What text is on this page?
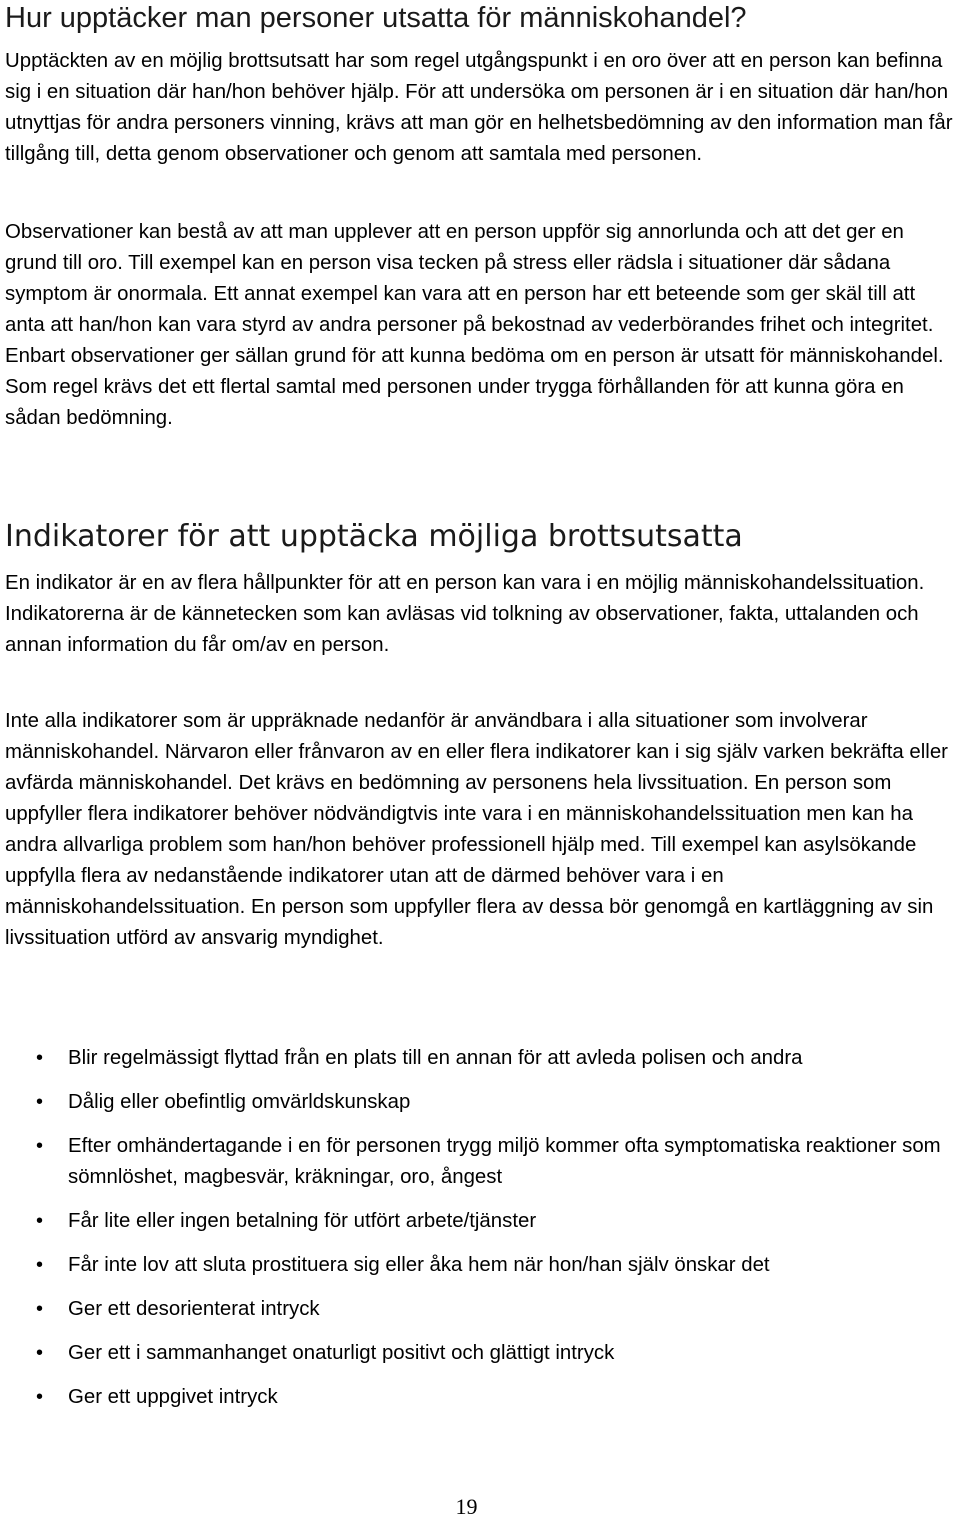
Hur upptäcker man personer utsatta för människohandel?

Upptäckten av en möjlig brottsutsatt har som regel utgångspunkt i en oro över att en person kan befinna sig i en situation där han/hon behöver hjälp. För att undersöka om personen är i en situation där han/hon utnyttjas för andra personers vinning, krävs att man gör en helhetsbedömning av den information man får tillgång till, detta genom observationer och genom att samtala med personen.

Observationer kan bestå av att man upplever att en person uppför sig annorlunda och att det ger en grund till oro. Till exempel kan en person visa tecken på stress eller rädsla i situationer där sådana symptom är onormala. Ett annat exempel kan vara att en person har ett beteende som ger skäl till att anta att han/hon kan vara styrd av andra personer på bekostnad av vederbörandes frihet och integritet. Enbart observationer ger sällan grund för att kunna bedöma om en person är utsatt för människohandel. Som regel krävs det ett flertal samtal med personen under trygga förhållanden för att kunna göra en sådan bedömning.

Indikatorer för att upptäcka möjliga brottsutsatta

En indikator är en av flera hållpunkter för att en person kan vara i en möjlig människohandelssituation. Indikatorerna är de kännetecken som kan avläsas vid tolkning av observationer, fakta, uttalanden och annan information du får om/av en person.

Inte alla indikatorer som är uppräknade nedanför är användbara i alla situationer som involverar människohandel. Närvaron eller frånvaron av en eller flera indikatorer kan i sig själv varken bekräfta eller avfärda människohandel. Det krävs en bedömning av personens hela livssituation. En person som uppfyller flera indikatorer behöver nödvändigtvis inte vara i en människohandelssituation men kan ha andra allvarliga problem som han/hon behöver professionell hjälp med. Till exempel kan asylsökande uppfylla flera av nedanstående indikatorer utan att de därmed behöver vara i en människohandelssituation. En person som uppfyller flera av dessa bör genomgå en kartläggning av sin livssituation utförd av ansvarig myndighet.

• Blir regelmässigt flyttad från en plats till en annan för att avleda polisen och andra
• Dålig eller obefintlig omvärldskunskap
• Efter omhändertagande i en för personen trygg miljö kommer ofta symptomatiska reaktioner som sömnlöshet, magbesvär, kräkningar, oro, ångest
• Får lite eller ingen betalning för utfört arbete/tjänster
• Får inte lov att sluta prostituera sig eller åka hem när hon/han själv önskar det
• Ger ett desorienterat intryck
• Ger ett i sammanhanget onaturligt positivt och glättigt intryck
• Ger ett uppgivet intryck
19
